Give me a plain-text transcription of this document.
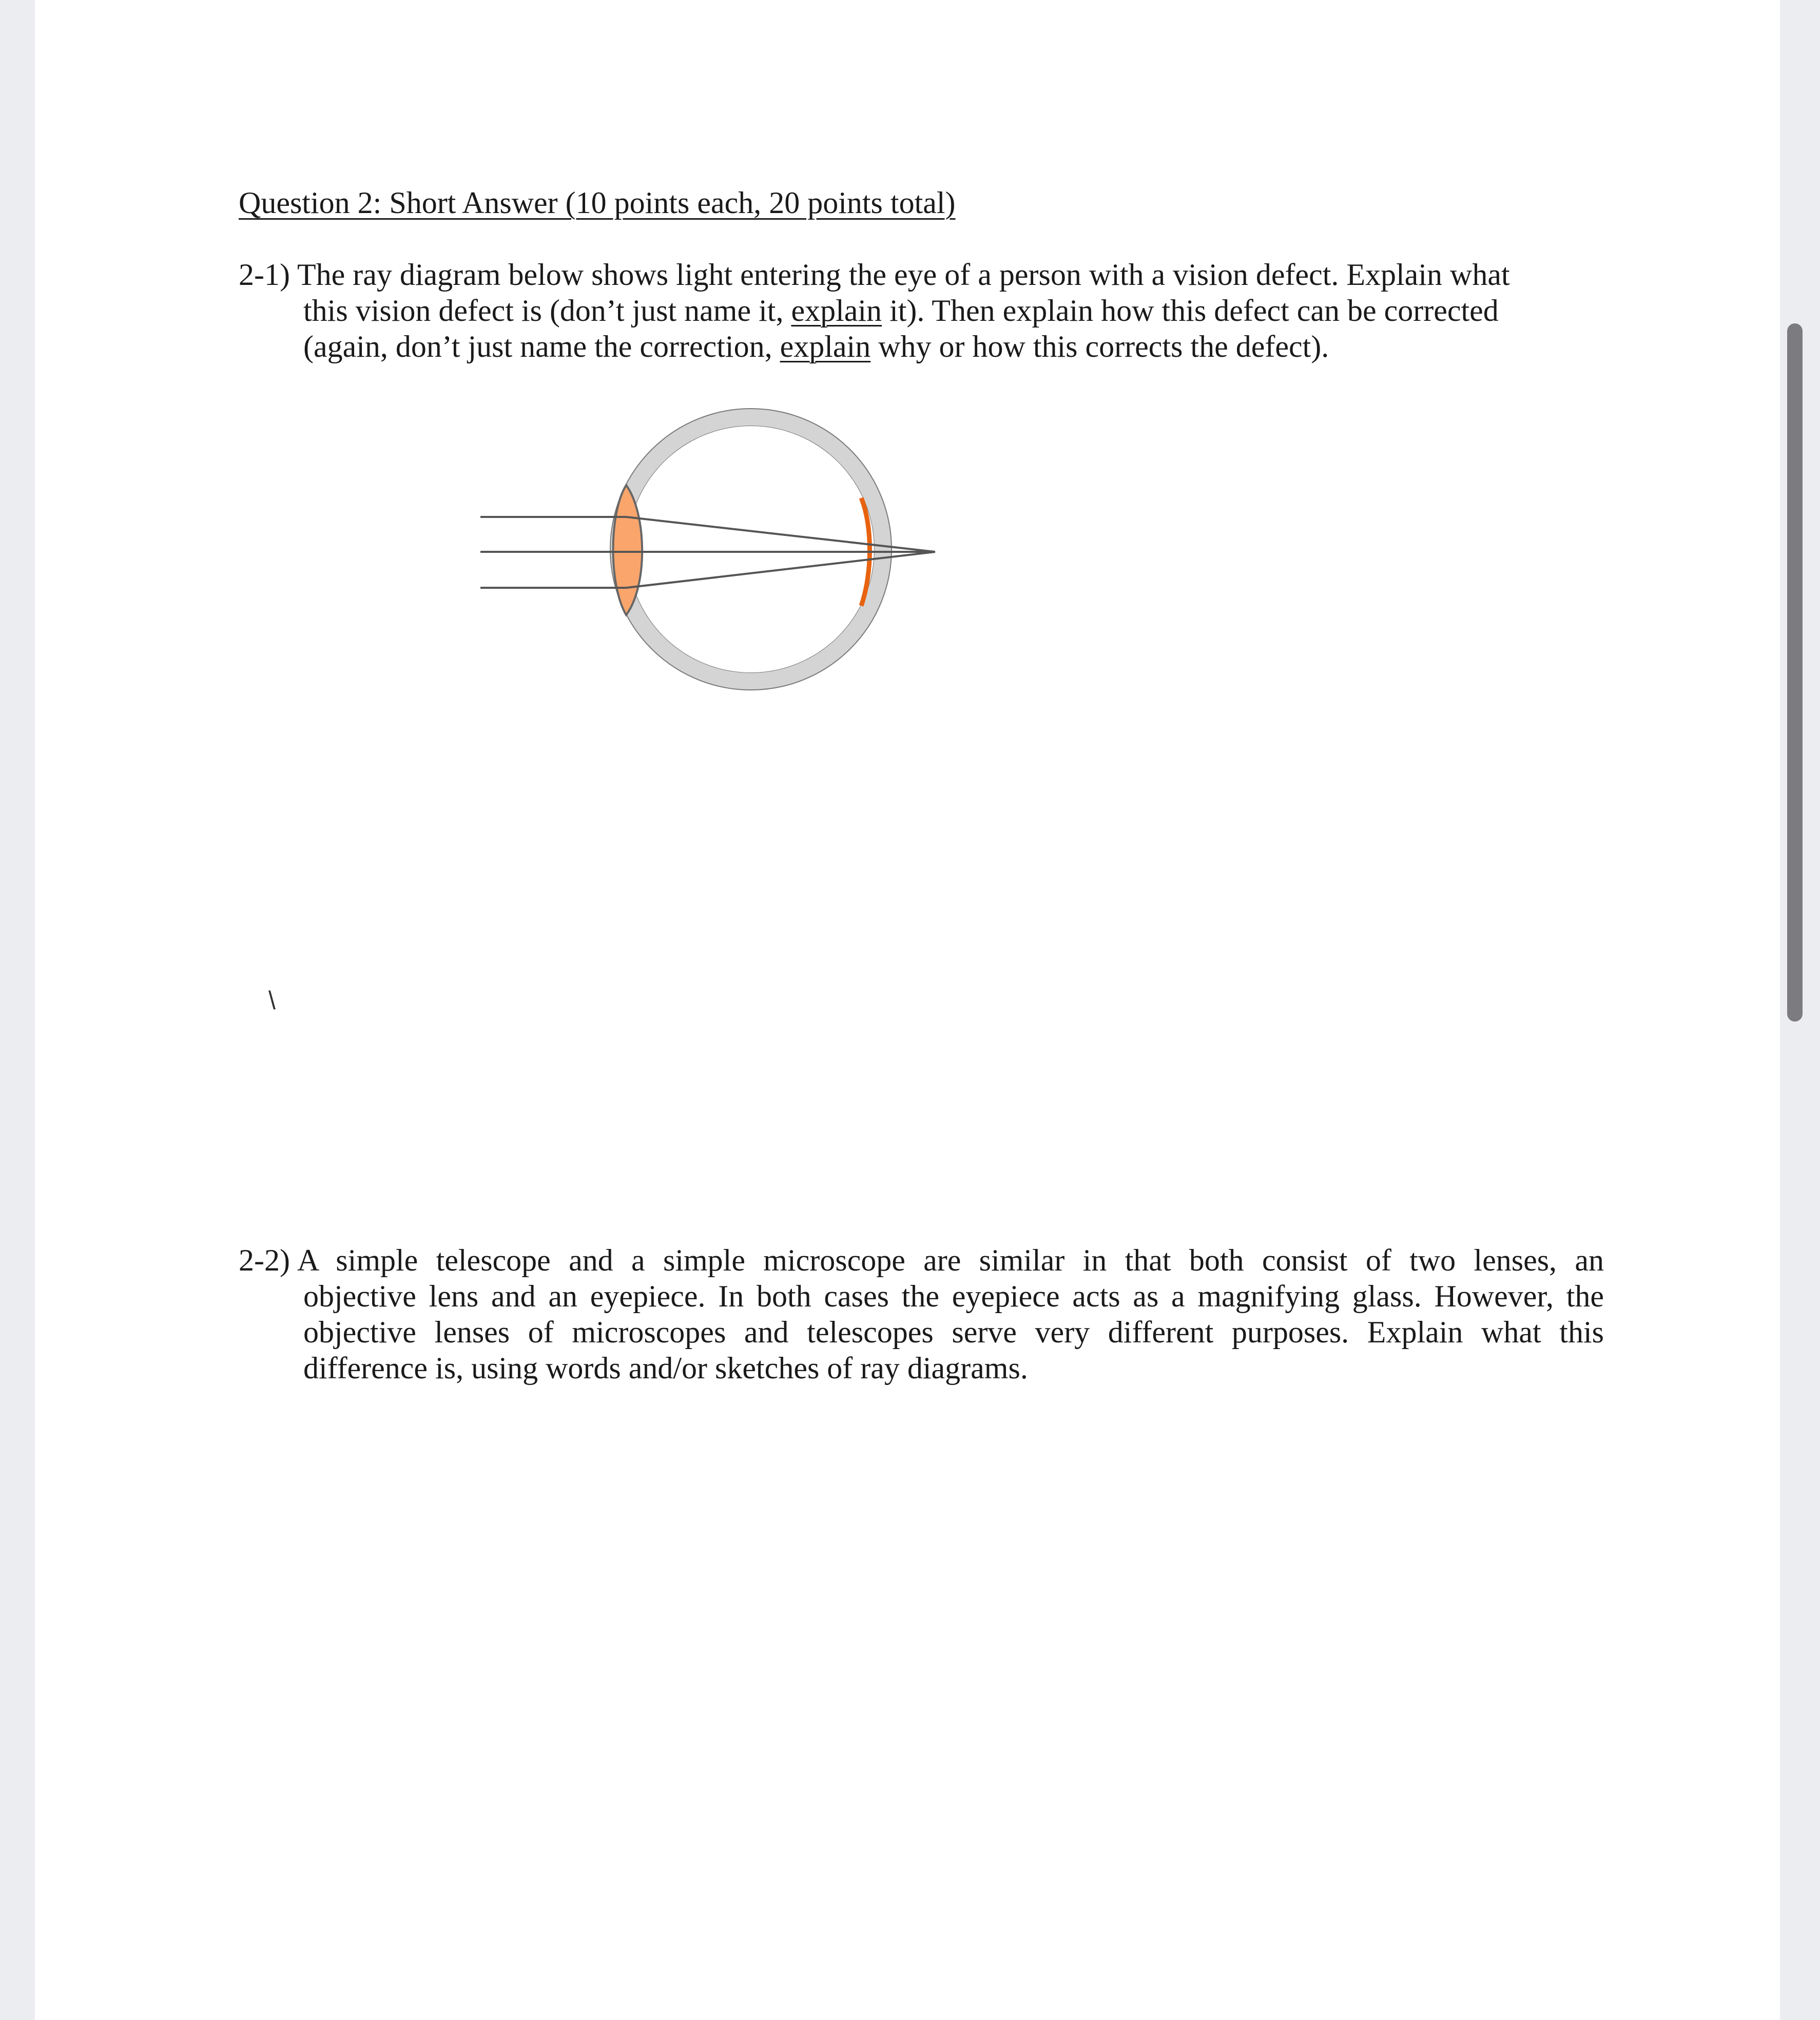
Question 2: Short Answer (10 points each, 20 points total)
2-1) The ray diagram below shows light entering the eye of a person with a vision defect. Explain what
this vision defect is (don’t just name it, explain it). Then explain how this defect can be corrected
(again, don’t just name the correction, explain why or how this corrects the defect).
\
2-2) A simple telescope and a simple microscope are similar in that both consist of two lenses, an
objective lens and an eyepiece. In both cases the eyepiece acts as a magnifying glass. However, the
objective lenses of microscopes and telescopes serve very different purposes. Explain what this
difference is, using words and/or sketches of ray diagrams.
